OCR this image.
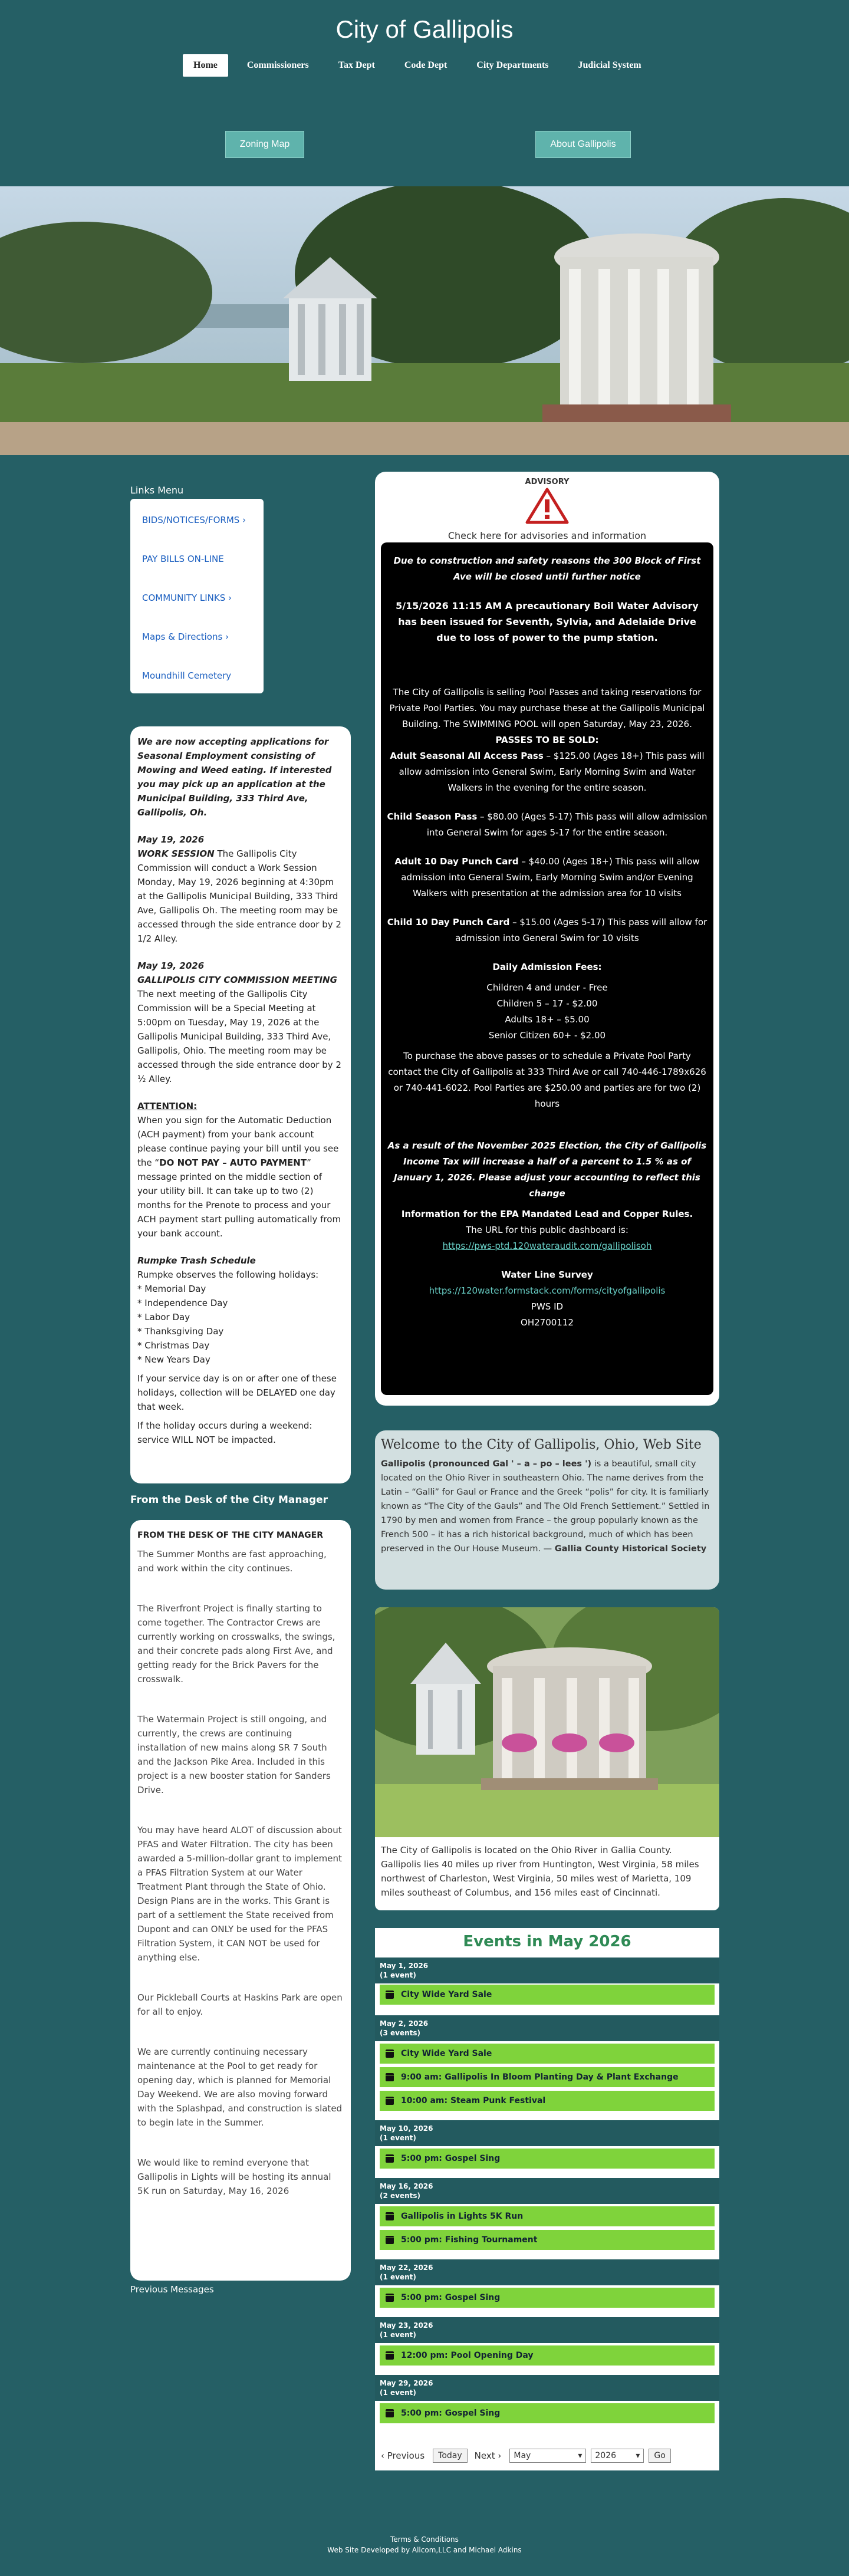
City of Gallipolis
Home	Commissioners	Tax Dept	Code Dept	City Departments	Judicial System
Zoning Map	About Gallipolis
Links Menu
BIDS/NOTICES/FORMS ›
PAY BILLS ON-LINE
COMMUNITY LINKS ›
Maps & Directions ›
Moundhill Cemetery

We are now accepting applications for Seasonal Employment consisting of Mowing and Weed eating. If interested you may pick up an application at the Municipal Building, 333 Third Ave, Gallipolis, Oh.

May 19, 2026

WORK SESSION The Gallipolis City Commission will conduct a Work Session Monday, May 19, 2026 beginning at 4:30pm at the Gallipolis Municipal Building, 333 Third Ave, Gallipolis Oh. The meeting room may be accessed through the side entrance door by 2 1/2 Alley.

May 19, 2026

GALLIPOLIS CITY COMMISSION MEETING

The next meeting of the Gallipolis City Commission will be a Special Meeting at 5:00pm on Tuesday, May 19, 2026 at the Gallipolis Municipal Building, 333 Third Ave, Gallipolis, Ohio. The meeting room may be accessed through the side entrance door by 2 ½ Alley.

ATTENTION:

When you sign for the Automatic Deduction (ACH payment) from your bank account please continue paying your bill until you see the “DO NOT PAY – AUTO PAYMENT” message printed on the middle section of your utility bill. It can take up to two (2) months for the Prenote to process and your ACH payment start pulling automatically from your bank account.

Rumpke Trash Schedule

Rumpke observes the following holidays:

* Memorial Day

* Independence Day

* Labor Day

* Thanksgiving Day

* Christmas Day

* New Years Day

If your service day is on or after one of these holidays, collection will be DELAYED one day that week.

If the holiday occurs during a weekend: service WILL NOT be impacted.

From the Desk of the City Manager

FROM THE DESK OF THE CITY MANAGER

The Summer Months are fast approaching, and work within the city continues.

The Riverfront Project is finally starting to come together. The Contractor Crews are currently working on crosswalks, the swings, and their concrete pads along First Ave, and getting ready for the Brick Pavers for the crosswalk.

The Watermain Project is still ongoing, and currently, the crews are continuing installation of new mains along SR 7 South and the Jackson Pike Area. Included in this project is a new booster station for Sanders Drive.

You may have heard ALOT of discussion about PFAS and Water Filtration. The city has been awarded a 5-million-dollar grant to implement a PFAS Filtration System at our Water Treatment Plant through the State of Ohio. Design Plans are in the works. This Grant is part of a settlement the State received from Dupont and can ONLY be used for the PFAS Filtration System, it CAN NOT be used for anything else.

Our Pickleball Courts at Haskins Park are open for all to enjoy.

We are currently continuing necessary maintenance at the Pool to get ready for opening day, which is planned for Memorial Day Weekend. We are also moving forward with the Splashpad, and construction is slated to begin late in the Summer.

We would like to remind everyone that Gallipolis in Lights will be hosting its annual 5K run on Saturday, May 16, 2026

Previous Messages
ADVISORY
Check here for advisories and information

Due to construction and safety reasons the 300 Block of First Ave will be closed until further notice

5/15/2026 11:15 AM A precautionary Boil Water Advisory has been issued for Seventh, Sylvia, and Adelaide Drive due to loss of power to the pump station.

The City of Gallipolis is selling Pool Passes and taking reservations for Private Pool Parties. You may purchase these at the Gallipolis Municipal Building. The SWIMMING POOL will open Saturday, May 23, 2026.

PASSES TO BE SOLD:

Adult Seasonal All Access Pass – $125.00 (Ages 18+) This pass will allow admission into General Swim, Early Morning Swim and Water Walkers in the evening for the entire season.

Child Season Pass – $80.00 (Ages 5-17) This pass will allow admission into General Swim for ages 5-17 for the entire season.

Adult 10 Day Punch Card – $40.00 (Ages 18+) This pass will allow admission into General Swim, Early Morning Swim and/or Evening Walkers with presentation at the admission area for 10 visits

Child 10 Day Punch Card – $15.00 (Ages 5-17) This pass will allow for admission into General Swim for 10 visits

Daily Admission Fees:

Children 4 and under - Free

Children 5 – 17 - $2.00

Adults 18+ – $5.00

Senior Citizen 60+ - $2.00

To purchase the above passes or to schedule a Private Pool Party contact the City of Gallipolis at 333 Third Ave or call 740-446-1789x626 or 740-441-6022. Pool Parties are $250.00 and parties are for two (2) hours

As a result of the November 2025 Election, the City of Gallipolis Income Tax will increase a half of a percent to 1.5 % as of January 1, 2026. Please adjust your accounting to reflect this change

Information for the EPA Mandated Lead and Copper Rules.

The URL for this public dashboard is:

https://pws-ptd.120wateraudit.com/gallipolisoh

Water Line Survey

https://120water.formstack.com/forms/cityofgallipolis

PWS ID

OH2700112

Welcome to the City of Gallipolis, Ohio, Web Site

Gallipolis (pronounced Gal ' – a – po – lees ') is a beautiful, small city located on the Ohio River in southeastern Ohio. The name derives from the Latin – “Galli” for Gaul or France and the Greek “polis” for city. It is familiarly known as “The City of the Gauls” and The Old French Settlement.” Settled in 1790 by men and women from France – the group popularly known as the French 500 – it has a rich historical background, much of which has been preserved in the Our House Museum. — Gallia County Historical Society

The City of Gallipolis is located on the Ohio River in Gallia County. Gallipolis lies 40 miles up river from Huntington, West Virginia, 58 miles northwest of Charleston, West Virginia, 50 miles west of Marietta, 109 miles southeast of Columbus, and 156 miles east of Cincinnati.

Events in May 2026
May 1, 2026
(1 event)
City Wide Yard Sale
May 2, 2026
(3 events)
City Wide Yard Sale
9:00 am: Gallipolis In Bloom Planting Day & Plant Exchange
10:00 am: Steam Punk Festival
May 10, 2026
(1 event)
5:00 pm: Gospel Sing
May 16, 2026
(2 events)
Gallipolis in Lights 5K Run
5:00 pm: Fishing Tournament
May 22, 2026
(1 event)
5:00 pm: Gospel Sing
May 23, 2026
(1 event)
12:00 pm: Pool Opening Day
May 29, 2026
(1 event)
5:00 pm: Gospel Sing
‹ Previous	Today	Next › May	▾ 2026 ▾	Go
Terms & Conditions
Web Site Developed by Allcom,LLC and Michael Adkins
